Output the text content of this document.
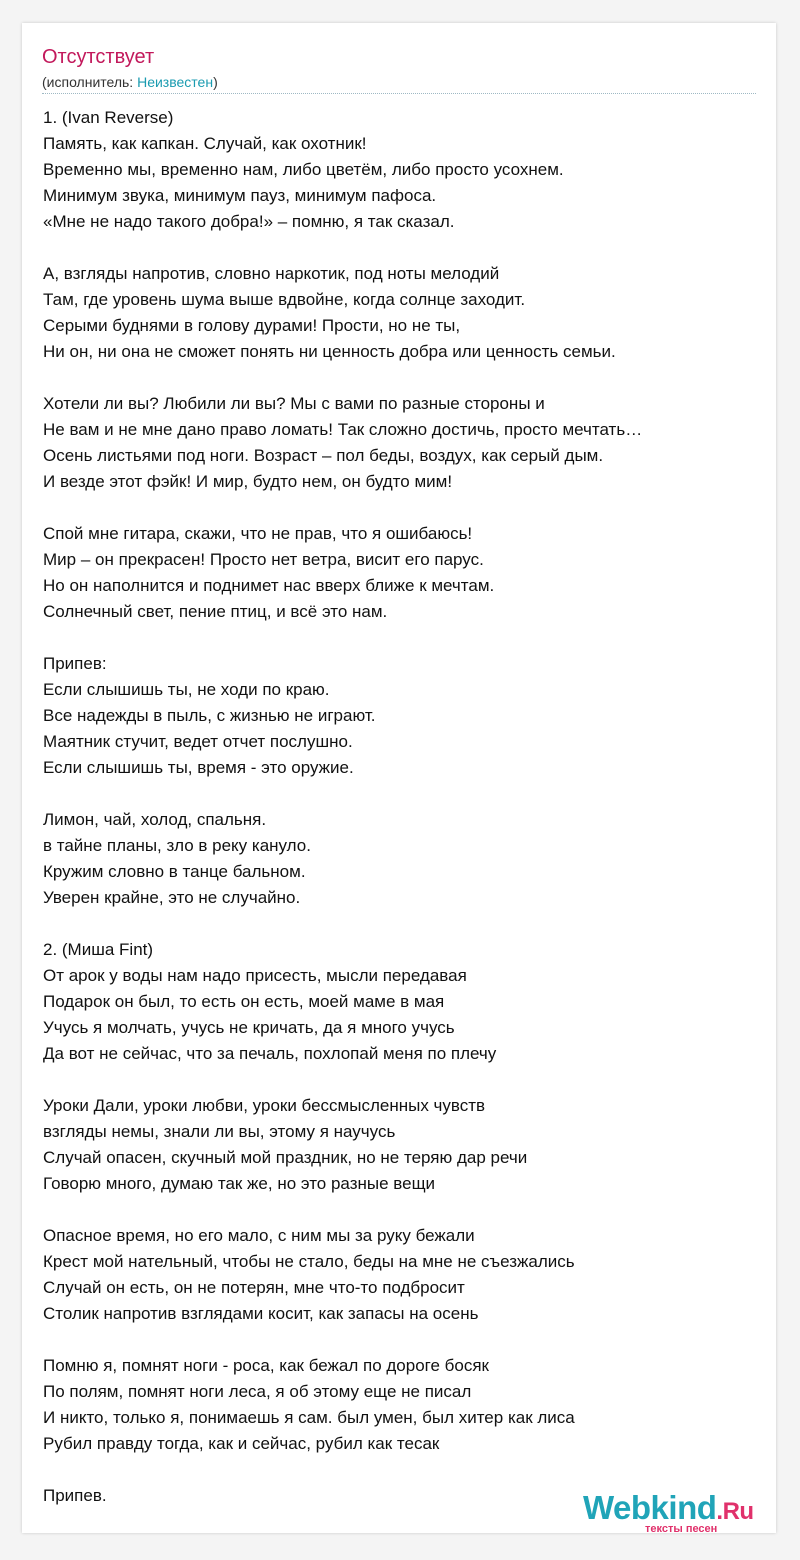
Отсутствует
(исполнитель: Неизвестен)
1. (Ivan Reverse)
Память, как капкан. Случай, как охотник!
Временно мы, временно нам, либо цветём, либо просто усохнем.
Минимум звука, минимум пауз, минимум пафоса.
«Мне не надо такого добра!» – помню, я так сказал.
А, взгляды напротив, словно наркотик, под ноты мелодий
Там, где уровень шума выше вдвойне, когда солнце заходит.
Серыми буднями в голову дурами! Прости, но не ты,
Ни он, ни она не сможет понять ни ценность добра или ценность семьи.
Хотели ли вы? Любили ли вы? Мы с вами по разные стороны и
Не вам и не мне дано право ломать! Так сложно достичь, просто мечтать…
Осень листьями под ноги. Возраст – пол беды, воздух, как серый дым.
И везде этот фэйк! И мир, будто нем, он будто мим!
Спой мне гитара, скажи, что не прав, что я ошибаюсь!
Мир – он прекрасен! Просто нет ветра, висит его парус.
Но он наполнится и поднимет нас вверх ближе к мечтам.
Солнечный свет, пение птиц, и всё это нам.
Припев:
Если слышишь ты, не ходи по краю.
Все надежды в пыль, с жизнью не играют.
Маятник стучит, ведет отчет послушно.
Если слышишь ты, время - это оружие.
Лимон, чай, холод, спальня.
в тайне планы, зло в реку кануло.
Кружим словно в танце бальном.
Уверен крайне, это не случайно.
2. (Миша Fint)
От арок у воды нам надо присесть, мысли передавая
Подарок он был, то есть он есть, моей маме в мая
Учусь я молчать, учусь не кричать, да я много учусь
Да вот не сейчас, что за печаль, похлопай меня по плечу
Уроки Дали, уроки любви, уроки бессмысленных чувств
взгляды немы, знали ли вы, этому я научусь
Случай опасен, скучный мой праздник, но не теряю дар речи
Говорю много, думаю так же, но это разные вещи
Опасное время, но его мало, с ним мы за руку бежали
Крест мой нательный, чтобы не стало, беды на мне не съезжались
Случай он есть, он не потерян, мне что-то подбросит
Столик напротив взглядами косит, как запасы на осень
Помню я, помнят ноги - роса, как бежал по дороге босяк
По полям, помнят ноги леса, я об этому еще не писал
И никто, только я, понимаешь я сам. был умен, был хитер как лиса
Рубил правду тогда, как и сейчас, рубил как тесак
Припев.	Webkind.Ru
тексты песен
